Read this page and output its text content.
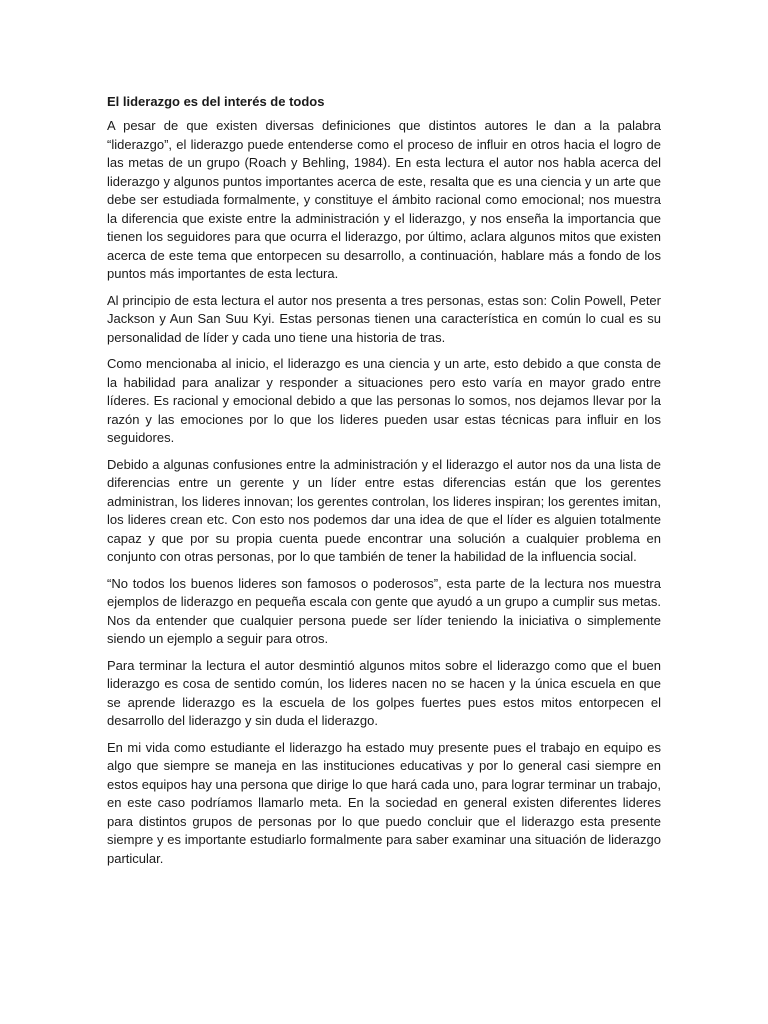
El liderazgo es del interés de todos

A pesar de que existen diversas definiciones que distintos autores le dan a la palabra “liderazgo”, el liderazgo puede entenderse como el proceso de influir en otros hacia el logro de las metas de un grupo (Roach y Behling, 1984). En esta lectura el autor nos habla acerca del liderazgo y algunos puntos importantes acerca de este, resalta que es una ciencia y un arte que debe ser estudiada formalmente, y constituye el ámbito racional como emocional; nos muestra la diferencia que existe entre la administración y el liderazgo, y nos enseña la importancia que tienen los seguidores para que ocurra el liderazgo, por último, aclara algunos mitos que existen acerca de este tema que entorpecen su desarrollo, a continuación, hablare más a fondo de los puntos más importantes de esta lectura.

Al principio de esta lectura el autor nos presenta a tres personas, estas son: Colin Powell, Peter Jackson y Aun San Suu Kyi. Estas personas tienen una característica en común lo cual es su personalidad de líder y cada uno tiene una historia de tras.

Como mencionaba al inicio, el liderazgo es una ciencia y un arte, esto debido a que consta de la habilidad para analizar y responder a situaciones pero esto varía en mayor grado entre líderes. Es racional y emocional debido a que las personas lo somos, nos dejamos llevar por la razón y las emociones por lo que los lideres pueden usar estas técnicas para influir en los seguidores.

Debido a algunas confusiones entre la administración y el liderazgo el autor nos da una lista de diferencias entre un gerente y un líder entre estas diferencias están que los gerentes administran, los lideres innovan; los gerentes controlan, los lideres inspiran; los gerentes imitan, los lideres crean etc. Con esto nos podemos dar una idea de que el líder es alguien totalmente capaz y que por su propia cuenta puede encontrar una solución a cualquier problema en conjunto con otras personas, por lo que también de tener la habilidad de la influencia social.

“No todos los buenos lideres son famosos o poderosos”, esta parte de la lectura nos muestra ejemplos de liderazgo en pequeña escala con gente que ayudó a un grupo a cumplir sus metas. Nos da entender que cualquier persona puede ser líder teniendo la iniciativa o simplemente siendo un ejemplo a seguir para otros.

Para terminar la lectura el autor desmintió algunos mitos sobre el liderazgo como que el buen liderazgo es cosa de sentido común, los lideres nacen no se hacen y la única escuela en que se aprende liderazgo es la escuela de los golpes fuertes pues estos mitos entorpecen el desarrollo del liderazgo y sin duda el liderazgo.

En mi vida como estudiante el liderazgo ha estado muy presente pues el trabajo en equipo es algo que siempre se maneja en las instituciones educativas y por lo general casi siempre en estos equipos hay una persona que dirige lo que hará cada uno, para lograr terminar un trabajo, en este caso podríamos llamarlo meta. En la sociedad en general existen diferentes lideres para distintos grupos de personas por lo que puedo concluir que el liderazgo esta presente siempre y es importante estudiarlo formalmente para saber examinar una situación de liderazgo particular.
